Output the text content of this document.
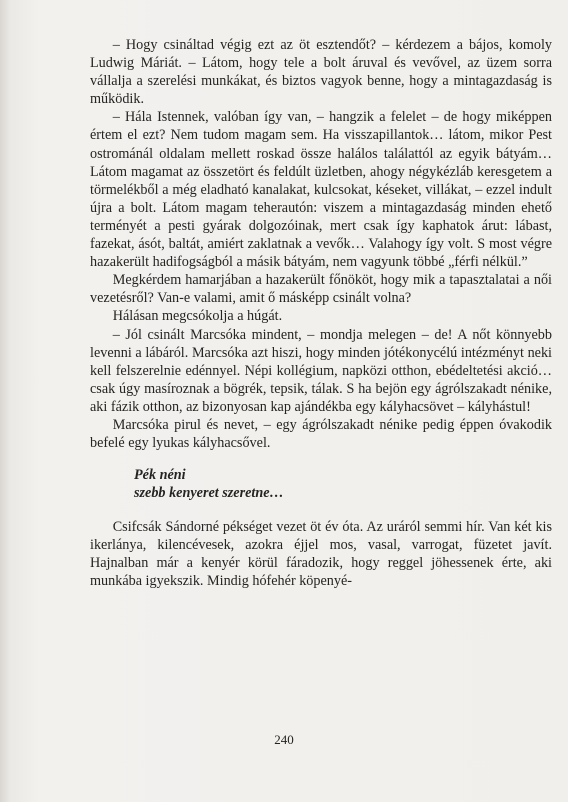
– Hogy csináltad végig ezt az öt esztendőt? – kérdezem a bájos, komoly Ludwig Máriát. – Látom, hogy tele a bolt áruval és vevővel, az üzem sorra vállalja a szerelési munkákat, és biztos vagyok benne, hogy a mintagazdaság is működik.

– Hála Istennek, valóban így van, – hangzik a felelet – de hogy miképpen értem el ezt? Nem tudom magam sem. Ha visszapillantok… látom, mikor Pest ostrománál oldalam mellett roskad össze halálos találattól az egyik bátyám… Látom magamat az összetört és feldúlt üzletben, ahogy négykézláb keresgetem a törmelékből a még eladható kanalakat, kulcsokat, késeket, villákat, – ezzel indult újra a bolt. Látom magam teherautón: viszem a mintagazdaság minden ehető terményét a pesti gyárak dolgozóinak, mert csak így kaphatok árut: lábast, fazekat, ásót, baltát, amiért zaklatnak a vevők… Valahogy így volt. S most végre hazakerült hadifogságból a másik bátyám, nem vagyunk többé „férfi nélkül.”

Megkérdem hamarjában a hazakerült főnököt, hogy mik a tapasztalatai a női vezetésről? Van-e valami, amit ő másképp csinált volna?

Hálásan megcsókolja a húgát.

– Jól csinált Marcsóka mindent, – mondja melegen – de! A nőt könnyebb levenni a lábáról. Marcsóka azt hiszi, hogy minden jótékonycélú intézményt neki kell felszerelnie edénnyel. Népi kollégium, napközi otthon, ebédeltetési akció… csak úgy masíroznak a bögrék, tepsik, tálak. S ha bejön egy ágrólszakadt nénike, aki fázik otthon, az bizonyosan kap ajándékba egy kályhacsövet – kályhástul!

Marcsóka pirul és nevet, – egy ágrólszakadt nénike pedig éppen óvakodik befelé egy lyukas kályhacsővel.

Pék néni
szebb kenyeret szeretne…

Csifcsák Sándorné pékséget vezet öt év óta. Az uráról semmi hír. Van két kis ikerlánya, kilencévesek, azokra éjjel mos, vasal, varrogat, füzetet javít. Hajnalban már a kenyér körül fáradozik, hogy reggel jöhessenek érte, aki munkába igyekszik. Mindig hófehér köpenyé-

240
